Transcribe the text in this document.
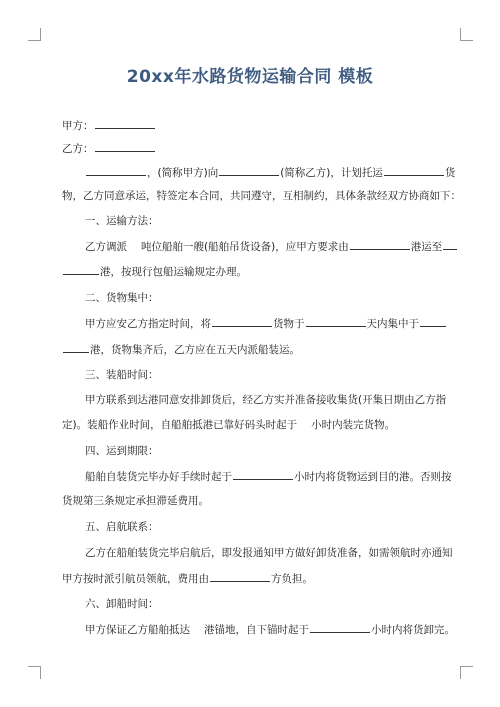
20xx年水路货物运输合同 模板
甲方：
乙方：
，(简称甲方)向	(简称乙方)，计划托运	货
物，乙方同意承运，特签定本合同，共同遵守，互相制约，具体条款经双方协商如下：
一、运输方法：
乙方调派 吨位船舶一艘(船舶吊货设备)，应甲方要求由	港运至
港，按现行包船运输规定办理。
二、货物集中：
甲方应安乙方指定时间，将	货物于	天内集中于
港，货物集齐后，乙方应在五天内派船装运。
三、装船时间：
甲方联系到达港同意安排卸货后，经乙方实并准备接收集货(开集日期由乙方指
定)。装船作业时间，自船舶抵港已靠好码头时起于 小时内装完货物。
四、运到期限：
船舶自装货完毕办好手续时起于	小时内将货物运到目的港。否则按
货规第三条规定承担滞延费用。
五、启航联系：
乙方在船舶装货完毕启航后，即发报通知甲方做好卸货准备，如需领航时亦通知
甲方按时派引航员领航，费用由	方负担。
六、卸船时间：
甲方保证乙方船舶抵达 港锚地，自下锚时起于	小时内将货卸完。
